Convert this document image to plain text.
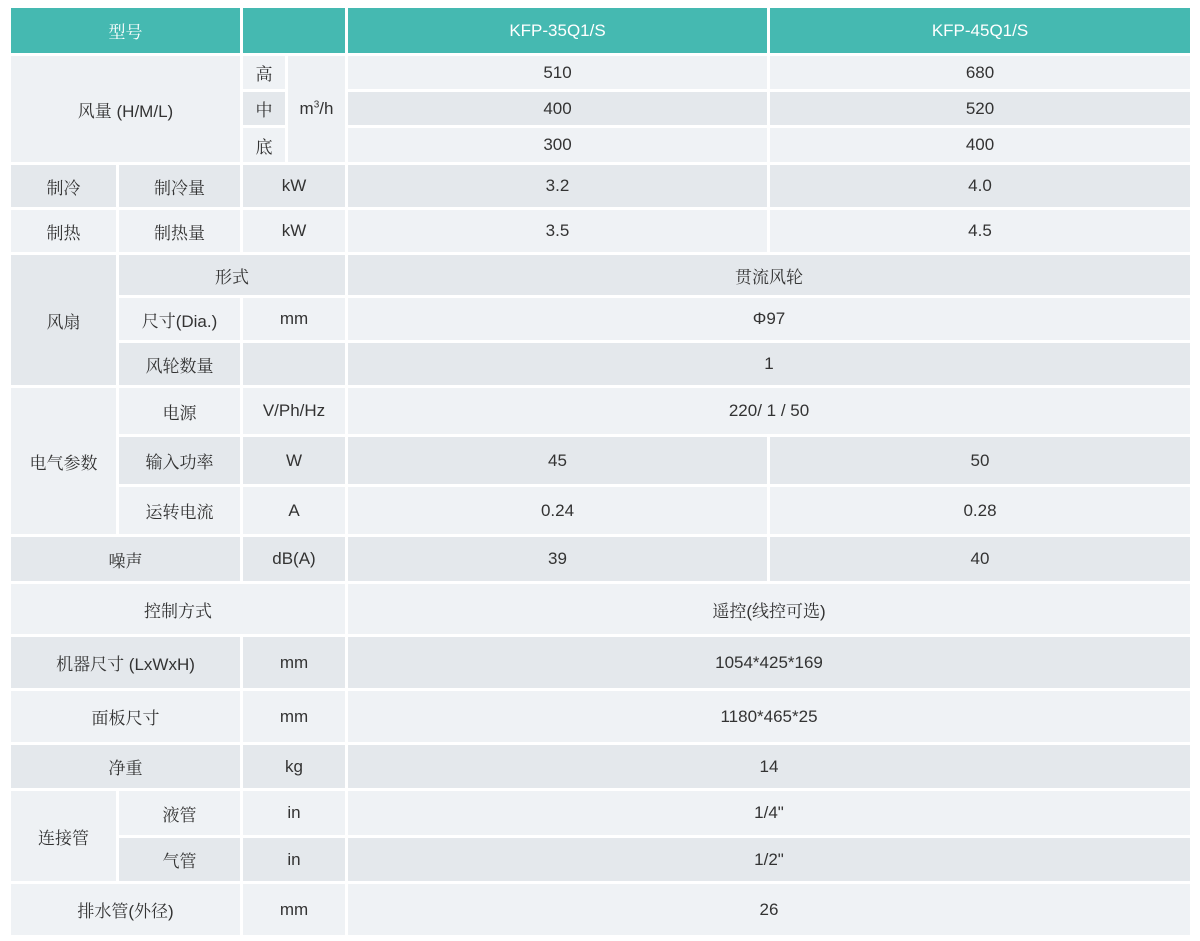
型号				KFP-35Q1/S	KFP-45Q1/S
风量 (H/M/L)		高	$m^3/h$	510	680
		中		400	520
		底		300	400
制冷	制冷量	kW		3.2	4.0
制热	制热量	kW		3.5	4.5
风扇	形式			贯流风轮	
	尺寸(Dia.)	mm		Φ97	
	风轮数量			1	
电气参数	电源	V/Ph/Hz		220/ 1 / 50	
	输入功率	W		45	50
	运转电流	A		0.24	0.28
噪声		dB(A)		39	40
控制方式				遥控(线控可选)	
机器尺寸 (LxWxH)		mm		1054*425*169	
面板尺寸		mm		1180*465*25	
净重		kg		14	
连接管	液管	in		1/4"	
	气管	in		1/2"	
排水管(外径)		mm		26	
